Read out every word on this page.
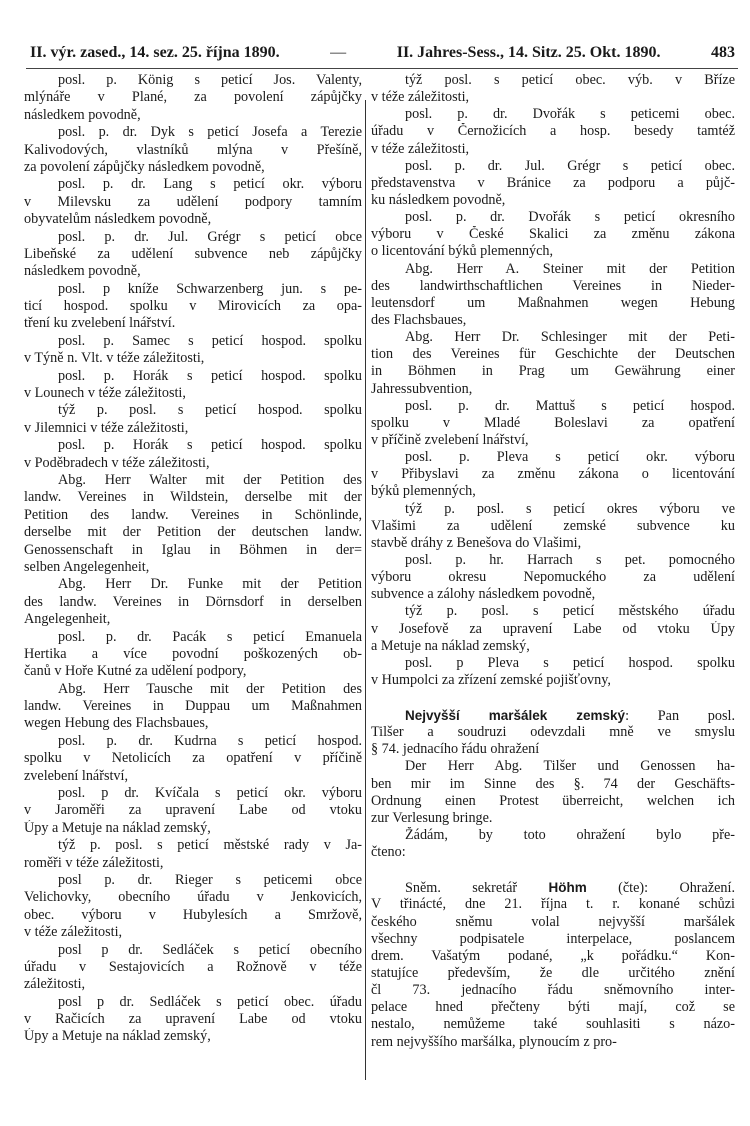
II. výr. zased., 14. sez. 25. října 1890.	—	II. Jahres-Sess., 14. Sitz. 25. Okt. 1890.	483
posl. p. König s peticí Jos. Valenty,
mlýnáře v Plané, za povolení zápůjčky
následkem povodně,
posl. p. dr. Dyk s peticí Josefa a Terezie
Kalivodových, vlastníků mlýna v Přešíně,
za povolení zápůjčky následkem povodně,
posl. p. dr. Lang s peticí okr. výboru
v Milevsku za udělení podpory tamním
obyvatelům následkem povodně,
posl. p. dr. Jul. Grégr s peticí obce
Libeňské za udělení subvence neb zápůjčky
následkem povodně,
posl. p kníže Schwarzenberg jun. s pe-
ticí hospod. spolku v Mirovicích za opa-
tření ku zvelebení lnářství.
posl. p. Samec s peticí hospod. spolku
v Týně n. Vlt. v téže záležitosti,
posl. p. Horák s peticí hospod. spolku
v Lounech v téže záležitosti,
týž p. posl. s peticí hospod. spolku
v Jilemnici v téže záležitosti,
posl. p. Horák s peticí hospod. spolku
v Poděbradech v téže záležitosti,
Abg. Herr Walter mit der Petition des
landw. Vereines in Wildstein, derselbe mit der
Petition des landw. Vereines in Schönlinde,
derselbe mit der Petition der deutschen landw.
Genossenschaft in Iglau in Böhmen in der=
selben Angelegenheit,
Abg. Herr Dr. Funke mit der Petition
des landw. Vereines in Dörnsdorf in derselben
Angelegenheit,
posl. p. dr. Pacák s peticí Emanuela
Hertika a více povodní poškozených ob-
čanů v Hoře Kutné za udělení podpory,
Abg. Herr Tausche mit der Petition des
landw. Vereines in Duppau um Maßnahmen
wegen Hebung des Flachsbaues,
posl. p. dr. Kudrna s peticí hospod.
spolku v Netolicích za opatření v příčině
zvelebení lnářství,
posl. p dr. Kvíčala s peticí okr. výboru
v Jaroměři za upravení Labe od vtoku
Úpy a Metuje na náklad zemský,
týž p. posl. s peticí městské rady v Ja-
roměři v téže záležitosti,
posl p. dr. Rieger s peticemi obce
Velichovky, obecního úřadu v Jenkovicích,
obec. výboru v Hubylesích a Smržově,
v téže záležitosti,
posl p dr. Sedláček s peticí obecního
úřadu v Sestajovicích a Rožnově v téže
záležitosti,
posl p dr. Sedláček s peticí obec. úřadu
v Račicích za upravení Labe od vtoku
Úpy a Metuje na náklad zemský,
týž posl. s peticí obec. výb. v Bříze
v téže záležitosti,
posl. p. dr. Dvořák s peticemi obec.
úřadu v Černožicích a hosp. besedy tamtéž
v téže záležitosti,
posl. p. dr. Jul. Grégr s peticí obec.
představenstva v Bránice za podporu a půjč-
ku následkem povodně,
posl. p. dr. Dvořák s peticí okresního
výboru v České Skalici za změnu zákona
o licentování býků plemenných,
Abg. Herr A. Steiner mit der Petition
des landwirthschaftlichen Vereines in Nieder-
leutensdorf um Maßnahmen wegen Hebung
des Flachsbaues,
Abg. Herr Dr. Schlesinger mit der Peti-
tion des Vereines für Geschichte der Deutschen
in Böhmen in Prag um Gewährung einer
Jahressubvention,
posl. p. dr. Mattuš s peticí hospod.
spolku v Mladé Boleslavi za opatření
v příčině zvelebení lnářství,
posl. p. Pleva s peticí okr. výboru
v Přibyslavi za změnu zákona o licentování
býků plemenných,
týž p. posl. s peticí okres výboru ve
Vlašimi za udělení zemské subvence ku
stavbě dráhy z Benešova do Vlašimi,
posl. p. hr. Harrach s pet. pomocného
výboru okresu Nepomuckého za udělení
subvence a zálohy následkem povodně,
týž p. posl. s peticí městského úřadu
v Josefově za upravení Labe od vtoku Úpy
a Metuje na náklad zemský,
posl. p Pleva s peticí hospod. spolku
v Humpolci za zřízení zemské pojišťovny,
Nejvyšší maršálek zemský: Pan posl.
Tilšer a soudruzi odevzdali mně ve smyslu
§ 74. jednacího řádu ohražení
Der Herr Abg. Tilšer und Genossen ha-
ben mir im Sinne des §. 74 der Geschäfts-
Ordnung einen Protest überreicht, welchen ich
zur Verlesung bringe.
Žádám, by toto ohražení bylo pře-
čteno:
Sněm. sekretář Höhm (čte): Ohražení.
V třinácté, dne 21. října t. r. konané schůzi
českého sněmu volal nejvyšší maršálek
všechny podpisatele interpelace, poslancem
drem. Vašatým podané, „k pořádku.“ Kon-
statujíce především, že dle určitého znění
čl 73. jednacího řádu sněmovního inter-
pelace hned přečteny býti mají, což se
nestalo, nemůžeme také souhlasiti s názo-
rem nejvyššího maršálka, plynoucím z pro-
